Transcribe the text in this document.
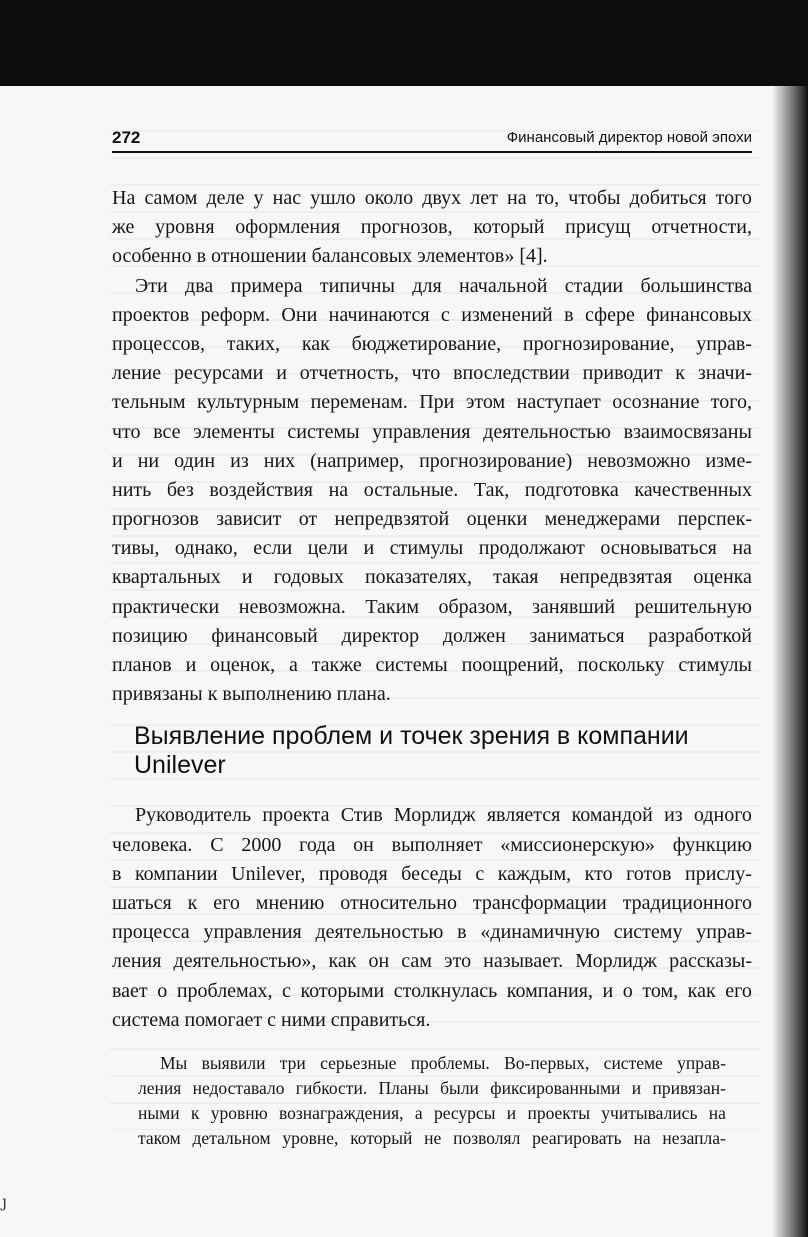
272	Финансовый директор новой эпохи
На самом деле у нас ушло около двух лет на то, чтобы добиться того
же уровня оформления прогнозов, который присущ отчетности,
особенно в отношении балансовых элементов» [4].
Эти два примера типичны для начальной стадии большинства
проектов реформ. Они начинаются с изменений в сфере финансовых
процессов, таких, как бюджетирование, прогнозирование, управ-
ление ресурсами и отчетность, что впоследствии приводит к значи-
тельным культурным переменам. При этом наступает осознание того,
что все элементы системы управления деятельностью взаимосвязаны
и ни один из них (например, прогнозирование) невозможно изме-
нить без воздействия на остальные. Так, подготовка качественных
прогнозов зависит от непредвзятой оценки менеджерами перспек-
тивы, однако, если цели и стимулы продолжают основываться на
квартальных и годовых показателях, такая непредвзятая оценка
практически невозможна. Таким образом, занявший решительную
позицию финансовый директор должен заниматься разработкой
планов и оценок, а также системы поощрений, поскольку стимулы
привязаны к выполнению плана.
Выявление проблем и точек зрения в компании
Unilever
Руководитель проекта Стив Морлидж является командой из одного
человека. С 2000 года он выполняет «миссионерскую» функцию
в компании Unilever, проводя беседы с каждым, кто готов прислу-
шаться к его мнению относительно трансформации традиционного
процесса управления деятельностью в «динамичную систему управ-
ления деятельностью», как он сам это называет. Морлидж рассказы-
вает о проблемах, с которыми столкнулась компания, и о том, как его
система помогает с ними справиться.
Мы выявили три серьезные проблемы. Во-первых, системе управ-
ления недоставало гибкости. Планы были фиксированными и привязан-
ными к уровню вознаграждения, а ресурсы и проекты учитывались на
таком детальном уровне, который не позволял реагировать на незапла-
ȷ
